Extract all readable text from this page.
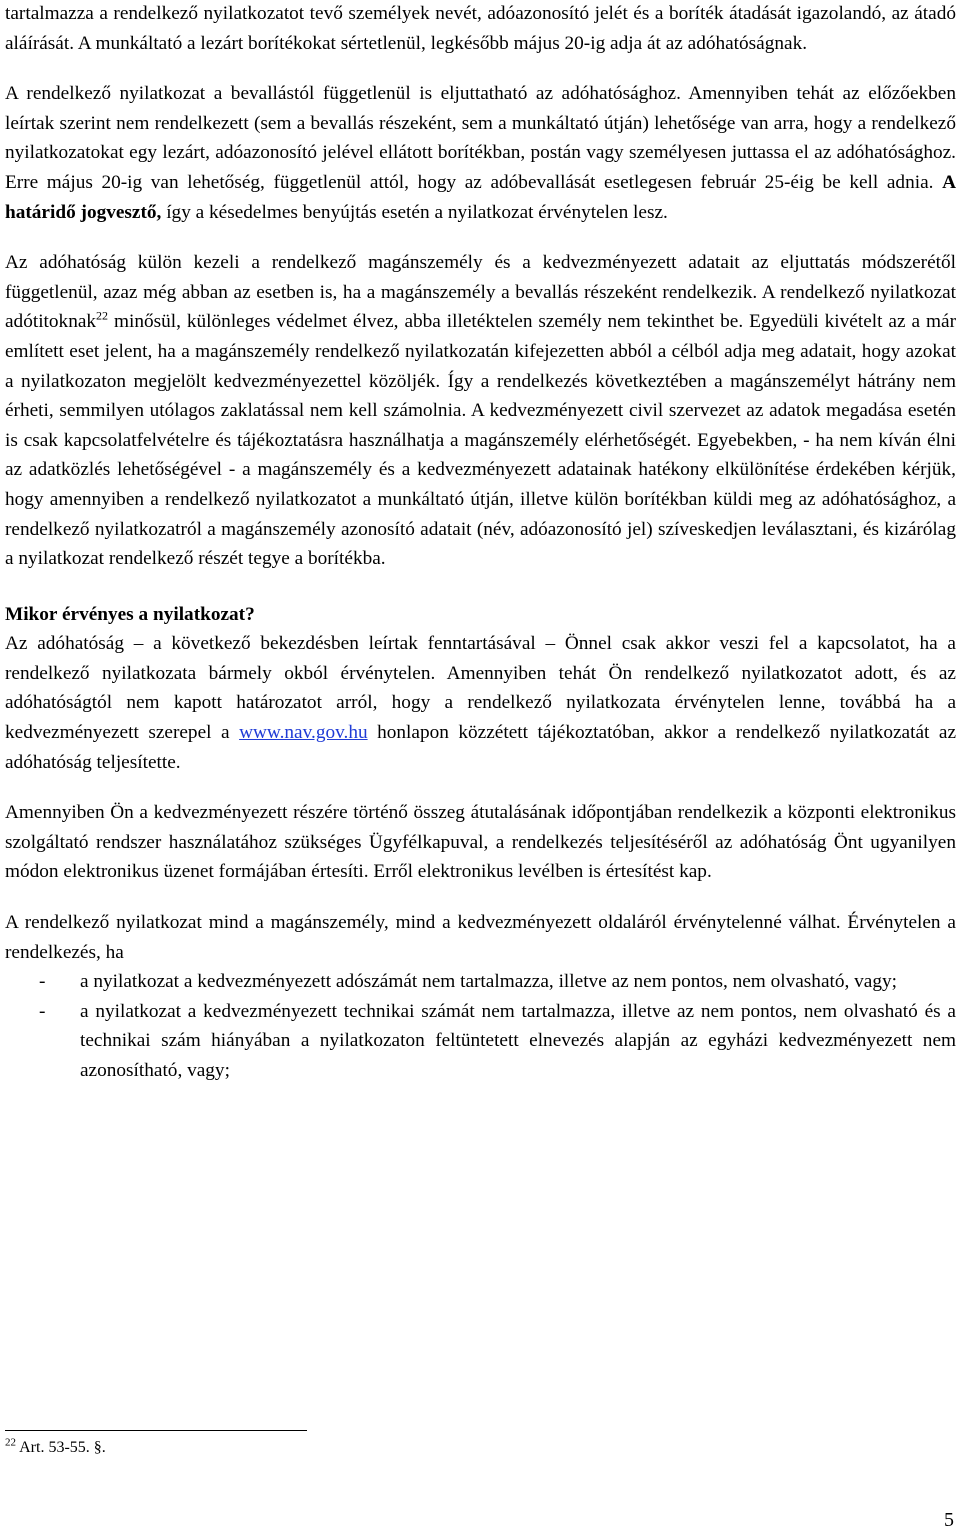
tartalmazza a rendelkező nyilatkozatot tevő személyek nevét, adóazonosító jelét és a boríték átadását igazolandó, az átadó aláírását. A munkáltató a lezárt borítékokat sértetlenül, legkésőbb május 20-ig adja át az adóhatóságnak.

A rendelkező nyilatkozat a bevallástól függetlenül is eljuttatható az adóhatósághoz. Amennyiben tehát az előzőekben leírtak szerint nem rendelkezett (sem a bevallás részeként, sem a munkáltató útján) lehetősége van arra, hogy a rendelkező nyilatkozatokat egy lezárt, adóazonosító jelével ellátott borítékban, postán vagy személyesen juttassa el az adóhatósághoz. Erre május 20-ig van lehetőség, függetlenül attól, hogy az adóbevallását esetlegesen február 25-éig be kell adnia. A határidő jogvesztő, így a késedelmes benyújtás esetén a nyilatkozat érvénytelen lesz.

Az adóhatóság külön kezeli a rendelkező magánszemély és a kedvezményezett adatait az eljuttatás módszerétől függetlenül, azaz még abban az esetben is, ha a magánszemély a bevallás részeként rendelkezik. A rendelkező nyilatkozat adótitoknak$^{22}$ minősül, különleges védelmet élvez, abba illetéktelen személy nem tekinthet be. Egyedüli kivételt az a már említett eset jelent, ha a magánszemély rendelkező nyilatkozatán kifejezetten abból a célból adja meg adatait, hogy azokat a nyilatkozaton megjelölt kedvezményezettel közöljék. Így a rendelkezés következtében a magánszemélyt hátrány nem érheti, semmilyen utólagos zaklatással nem kell számolnia. A kedvezményezett civil szervezet az adatok megadása esetén is csak kapcsolatfelvételre és tájékoztatásra használhatja a magánszemély elérhetőségét. Egyebekben, - ha nem kíván élni az adatközlés lehetőségével - a magánszemély és a kedvezményezett adatainak hatékony elkülönítése érdekében kérjük, hogy amennyiben a rendelkező nyilatkozatot a munkáltató útján, illetve külön borítékban küldi meg az adóhatósághoz, a rendelkező nyilatkozatról a magánszemély azonosító adatait (név, adóazonosító jel) szíveskedjen leválasztani, és kizárólag a nyilatkozat rendelkező részét tegye a borítékba.

Mikor érvényes a nyilatkozat?

Az adóhatóság – a következő bekezdésben leírtak fenntartásával – Önnel csak akkor veszi fel a kapcsolatot, ha a rendelkező nyilatkozata bármely okból érvénytelen. Amennyiben tehát Ön rendelkező nyilatkozatot adott, és az adóhatóságtól nem kapott határozatot arról, hogy a rendelkező nyilatkozata érvénytelen lenne, továbbá ha a kedvezményezett szerepel a www.nav.gov.hu honlapon közzétett tájékoztatóban, akkor a rendelkező nyilatkozatát az adóhatóság teljesítette.

Amennyiben Ön a kedvezményezett részére történő összeg átutalásának időpontjában rendelkezik a központi elektronikus szolgáltató rendszer használatához szükséges Ügyfélkapuval, a rendelkezés teljesítéséről az adóhatóság Önt ugyanilyen módon elektronikus üzenet formájában értesíti. Erről elektronikus levélben is értesítést kap.

A rendelkező nyilatkozat mind a magánszemély, mind a kedvezményezett oldaláról érvénytelenné válhat. Érvénytelen a rendelkezés, ha

- a nyilatkozat a kedvezményezett adószámát nem tartalmazza, illetve az nem pontos, nem olvasható, vagy;
- a nyilatkozat a kedvezményezett technikai számát nem tartalmazza, illetve az nem pontos, nem olvasható és a technikai szám hiányában a nyilatkozaton feltüntetett elnevezés alapján az egyházi kedvezményezett nem azonosítható, vagy;
$^{22}$ Art. 53-55. §.
5
